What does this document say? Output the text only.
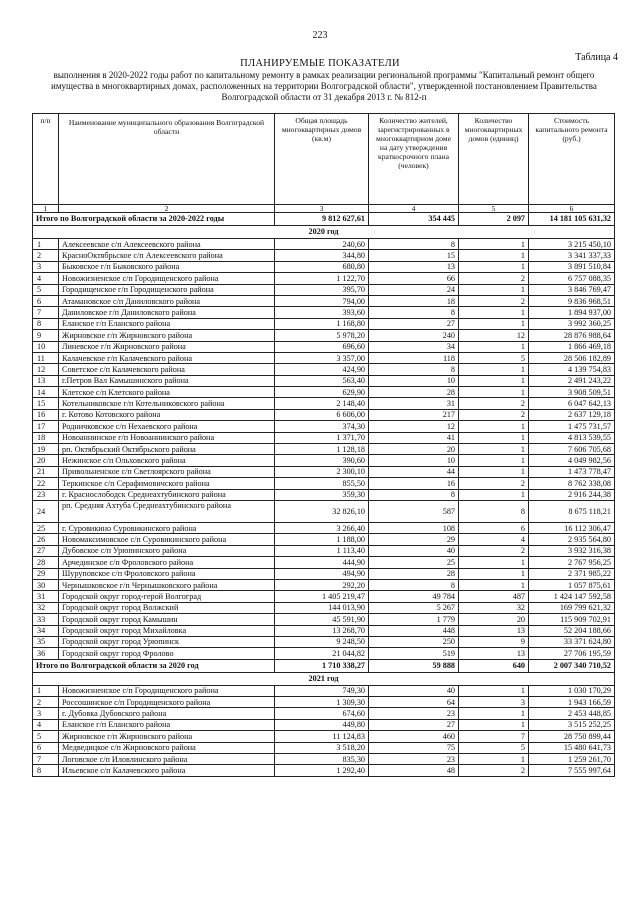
223
Таблица 4
ПЛАНИРУЕМЫЕ ПОКАЗАТЕЛИ
выполнения в 2020-2022 годы работ по капитальному ремонту в рамках реализации региональной программы "Капитальный ремонт общего имущества в многоквартирных домах, расположенных на территории Волгоградской области", утвержденной постановлением Правительства Волгоградской области от 31 декабря 2013 г. № 812-п
п/п	Наименование муниципального образования Волгоградской области	Общая площадь многоквартирных домов (кв.м)	Количество жителей, зарегистрированных в многоквартирном доме на дату утверждения краткосрочного плана (человек)	Количество многоквартирных домов (единиц)	Стоимость капитального ремонта (руб.)
1	2	3	4	5	6
Итого по Волгоградской области за 2020-2022 годы		9 812 627,61	354 445	2 097	14 181 105 631,32
2020 год					
1	Алексеевское с/п Алексеевского района	240,60	8	1	3 215 450,10
2	КрасноОктябрьское с/п Алексеевского района	344,80	15	1	3 341 337,33
3	Быковское г/п Быковского района	680,80	13	1	3 891 510,84
4	Новожизненское с/п Городищенского района	1 122,70	66	2	6 757 088,35
5	Городищенское г/п Городищенского района	395,70	24	1	3 846 769,47
6	Атамановское с/п Даниловского района	794,00	18	2	9 836 968,51
7	Даниловское г/п Даниловского района	393,60	8	1	1 894 937,00
8	Еланское г/п Еланского района	1 168,80	27	1	3 992 360,25
9	Жирновское г/п Жирновского района	5 978,20	240	12	28 876 988,64
10	Линевское г/п Жирновского района	696,60	34	1	1 866 469,18
11	Калачевское г/п Калачевского района	3 357,00	118	5	28 506 182,89
12	Советское с/п Калачевского района	424,90	8	1	4 139 754,83
13	г.Петров Вал Камышинского района	563,40	10	1	2 491 243,22
14	Клетское с/п Клетского района	629,90	28	1	3 908 509,51
15	Котельниковское г/п Котельниковского района	2 148,40	31	2	6 047 642,13
16	г. Котово Котовского района	6 606,00	217	2	2 637 129,18
17	Родничковское с/п Нехаевского района	374,30	12	1	1 475 731,57
18	Новоаннинское г/п Новоаннинского района	1 371,70	41	1	4 813 539,55
19	рп. Октябрьский Октябрьского района	1 128,18	20	1	7 606 705,68
20	Нежинское с/п Ольховского района	390,60	10	1	4 049 982,56
21	Привольненское с/п Светлоярского района	2 300,10	44	1	1 473 778,47
22	Теркинское с/п Серафимовичского района	855,50	16	2	8 762 338,08
23	г. Краснослободск Среднеахтубинского района	359,30	8	1	2 916 244,38
24	рп. Средняя Ахтуба Среднеахтубинского района	32 826,10	587	8	8 675 118,21
25	г. Суровикино Суровикинского района	3 266,40	108	6	16 112 306,47
26	Новомаксимовское с/п Суровикинского района	1 188,00	29	4	2 935 564,80
27	Дубовское с/п Урюпинского района	1 113,40	40	2	3 932 316,38
28	Арчединское с/п Фроловского района	444,90	25	1	2 767 956,25
29	Шуруповское с/п Фроловского района	494,90	28	1	2 371 985,22
30	Чернышковское г/п Чернышковского района	292,20	8	1	1 057 875,61
31	Городской округ город-герой Волгоград	1 405 219,47	49 784	487	1 424 147 592,58
32	Городской округ город Волжский	144 013,90	5 267	32	169 799 621,32
33	Городской округ город Камышин	45 591,90	1 779	20	115 909 702,91
34	Городской округ город Михайловка	13 268,70	448	13	52 204 188,66
35	Городской округ город Урюпинск	9 248,50	250	9	33 371 624,80
36	Городской округ город Фролово	21 044,82	519	13	27 706 195,59
Итого по Волгоградской области за 2020 год		1 710 338,27	59 888	640	2 007 340 710,52
2021 год					
1	Новожизненское с/п Городищенского района	749,30	40	1	1 030 170,29
2	Россошинское с/п Городищенского района	1 309,30	64	3	1 943 166,59
3	г. Дубовка Дубовского района	674,60	23	1	2 453 448,85
4	Еланское г/п Еланского района	449,80	27	1	3 515 252,25
5	Жирновское г/п Жирновского района	11 124,83	460	7	28 750 899,44
6	Медведицкое с/п Жирновского района	3 518,20	75	5	15 480 641,73
7	Логовское с/п Иловлинского района	835,30	23	1	1 259 261,70
8	Ильевское с/п Калачевского района	1 292,40	48	2	7 555 997,64
